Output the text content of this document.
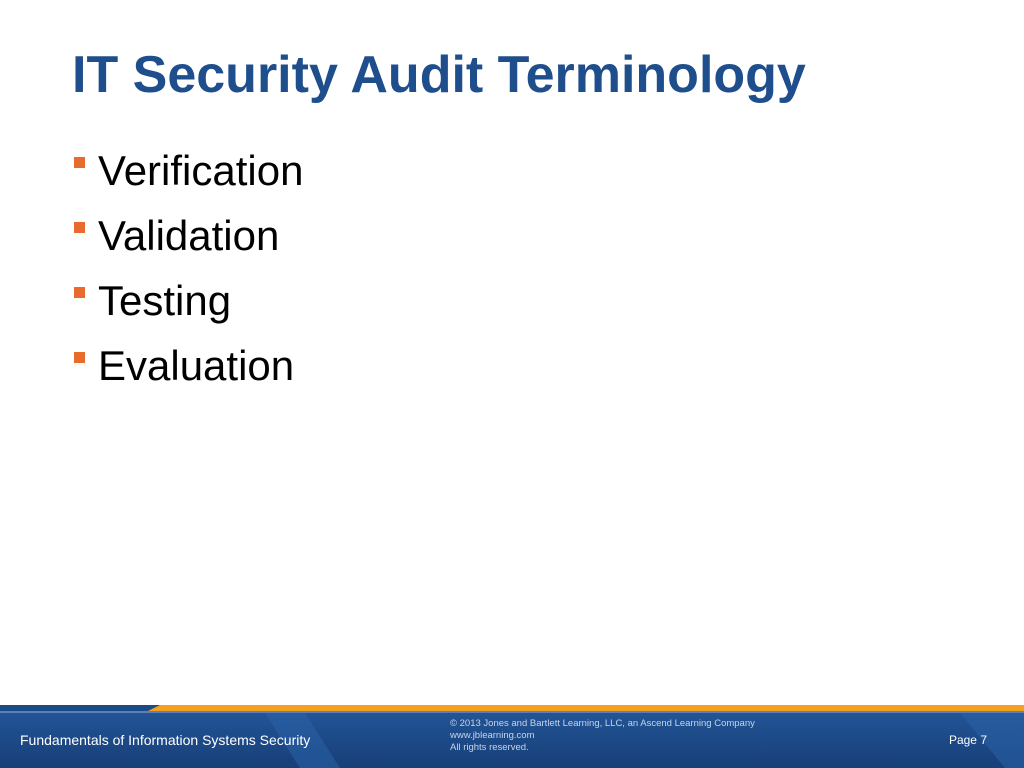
IT Security Audit Terminology
Verification
Validation
Testing
Evaluation
Fundamentals of Information Systems Security
© 2013 Jones and Bartlett Learning, LLC, an Ascend Learning Company
www.jblearning.com
All rights reserved.
Page 7
